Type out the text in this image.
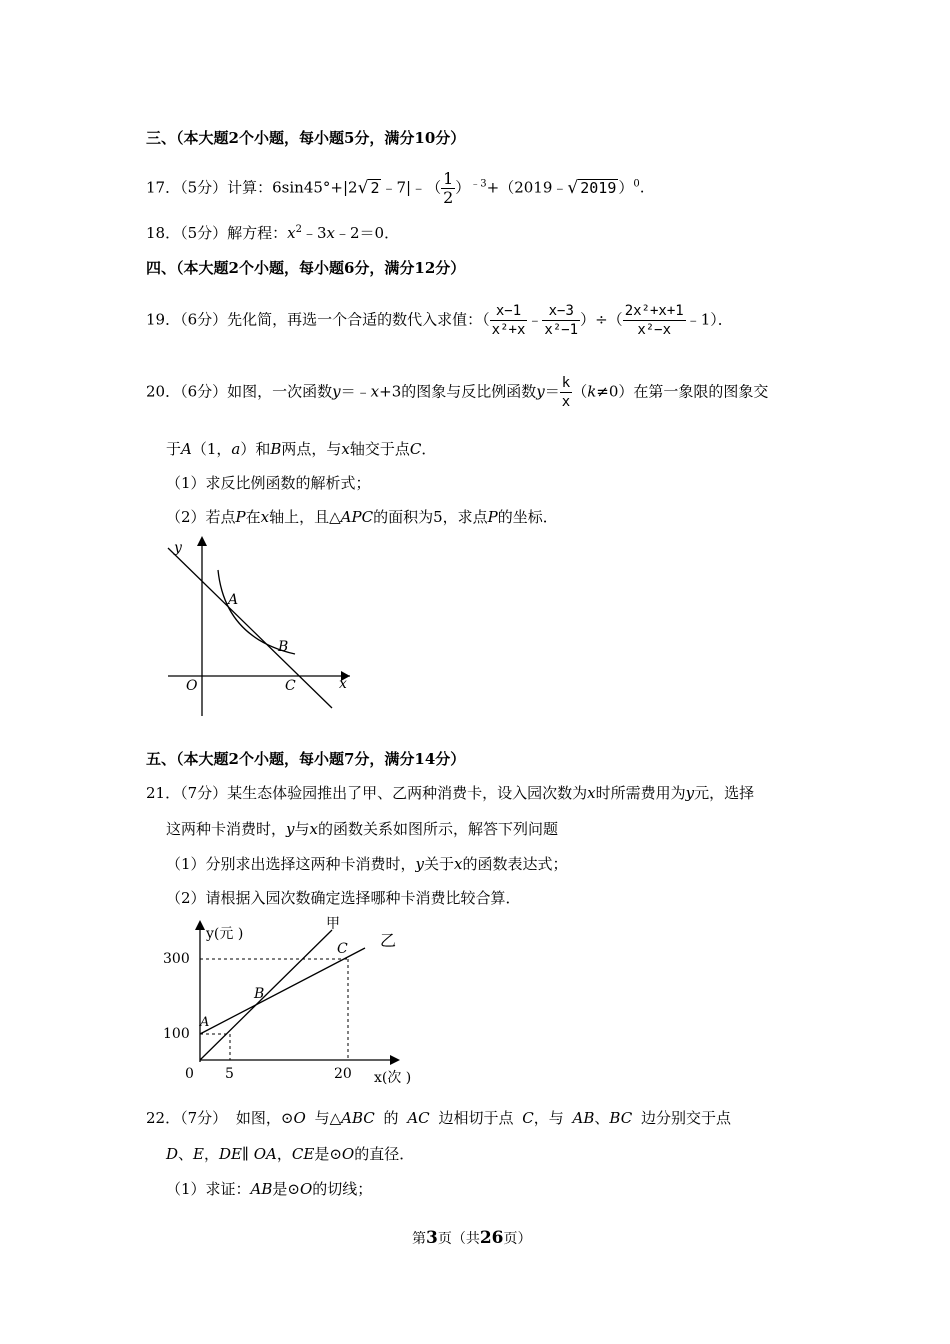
三、（本大题2个小题，每小题5分，满分10分）
17．（5分）计算：6sin45°+|2√ 2 ﹣7|﹣（ $\frac{1}{2}$ ）$^{﹣3}$+（2019﹣√ 2019 ）$^0$.
18．（5分）解方程：$x^2﹣3x﹣2=0$．
四、（本大题2个小题，每小题6分，满分12分）
19．（6分）先化简，再选一个合适的数代入求值：（ $\frac{x-1}{\text{x²+x}}$ ﹣ $\frac{x-3}{\text{x²−1}}$ ）÷（ $\frac{\text{2x²+x+1}}{\text{x²−x}}$ ﹣1）．
20．（6分）如图，一次函数y＝﹣x+3的图象与反比例函数$y= \frac{k}{x} (k\ne 0)$在第一象限的图象交
于A（1，a）和B两点，与x轴交于点C．
（1）求反比例函数的解析式；
（2）若点P在x轴上，且△APC的面积为5，求点P的坐标．
y
x
O
A
B
C
五、（本大题2个小题，每小题7分，满分14分）
21．（7分）某生态体验园推出了甲、乙两种消费卡，设入园次数为x时所需费用为y元，选择
这两种卡消费时，y与x的函数关系如图所示，解答下列问题
（1）分别求出选择这两种卡消费时，y关于x的函数表达式；
（2）请根据入园次数确定选择哪种卡消费比较合算．
y(元 )
x(次 )
甲
乙
300
100
0 5	20
A
B
C
22．（7分） 如图，⊙O 与△ABC 的 AC 边相切于点 C，与 AB、BC 边分别交于点
D、E，DE∥ OA，CE是⊙O的直径．
（1）求证：AB是⊙O的切线；
第3页（共26页）
